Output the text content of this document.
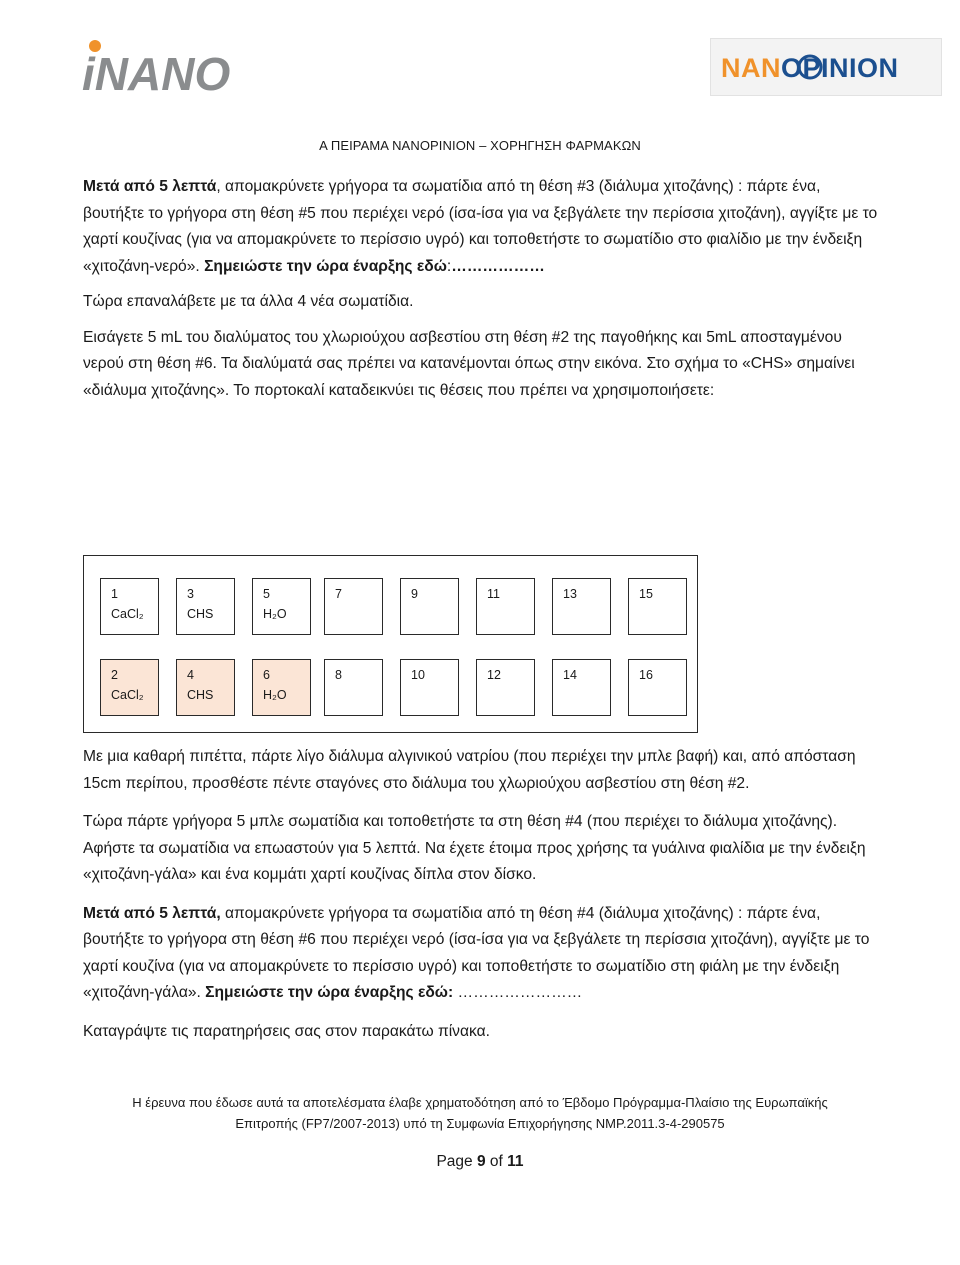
iNANO	NANOPINION
Α ΠΕΙΡΑΜΑ NANOPINION – ΧΟΡΗΓΗΣΗ ΦΑΡΜΑΚΩΝ

Μετά από 5 λεπτά, απομακρύνετε γρήγορα τα σωματίδια από τη θέση #3 (διάλυμα χιτοζάνης) : πάρτε ένα, βουτήξτε το γρήγορα στη θέση #5 που περιέχει νερό (ίσα-ίσα για να ξεβγάλετε την περίσσια χιτοζάνη), αγγίξτε με το χαρτί κουζίνας (για να απομακρύνετε το περίσσιο υγρό) και τοποθετήστε το σωματίδιο στο φιαλίδιο με την ένδειξη «χιτοζάνη-νερό». Σημειώστε την ώρα έναρξης εδώ:………………

Τώρα επαναλάβετε με τα άλλα 4 νέα σωματίδια.

Εισάγετε 5 mL του διαλύματος του χλωριούχου ασβεστίου στη θέση #2 της παγοθήκης και 5mL αποσταγμένου νερού στη θέση #6. Τα διαλύματά σας πρέπει να κατανέμονται όπως στην εικόνα. Στο σχήμα το «CHS» σημαίνει «διάλυμα χιτοζάνης». Το πορτοκαλί καταδεικνύει τις θέσεις που πρέπει να χρησιμοποιήσετε:

1
CaCl₂
3
CHS
5
H₂O
7	9	11	13	15
2
CaCl₂
4
CHS
6
H₂O
8	10	12	14	16

Με μια καθαρή πιπέττα, πάρτε λίγο διάλυμα αλγινικού νατρίου (που περιέχει την μπλε βαφή) και, από απόσταση 15cm περίπου, προσθέστε πέντε σταγόνες στο διάλυμα του χλωριούχου ασβεστίου στη θέση #2.

Τώρα πάρτε γρήγορα 5 μπλε σωματίδια και τοποθετήστε τα στη θέση #4 (που περιέχει το διάλυμα χιτοζάνης). Αφήστε τα σωματίδια να επωαστούν για 5 λεπτά. Να έχετε έτοιμα προς χρήσης τα γυάλινα φιαλίδια με την ένδειξη «χιτοζάνη-γάλα» και ένα κομμάτι χαρτί κουζίνας δίπλα στον δίσκο.

Μετά από 5 λεπτά, απομακρύνετε γρήγορα τα σωματίδια από τη θέση #4 (διάλυμα χιτοζάνης) : πάρτε ένα, βουτήξτε το γρήγορα στη θέση #6 που περιέχει νερό (ίσα-ίσα για να ξεβγάλετε τη περίσσια χιτοζάνη), αγγίξτε με το χαρτί κουζίνα (για να απομακρύνετε το περίσσιο υγρό) και τοποθετήστε το σωματίδιο στη φιάλη με την ένδειξη «χιτοζάνη-γάλα». Σημειώστε την ώρα έναρξης εδώ: ……………………

Καταγράψτε τις παρατηρήσεις σας στον παρακάτω πίνακα.

Η έρευνα που έδωσε αυτά τα αποτελέσματα έλαβε χρηματοδότηση από το Έβδομο Πρόγραμμα-Πλαίσιο της Ευρωπαϊκής
Επιτροπής (FP7/2007-2013) υπό τη Συμφωνία Επιχορήγησης NMP.2011.3-4-290575
Page 9 of 11
